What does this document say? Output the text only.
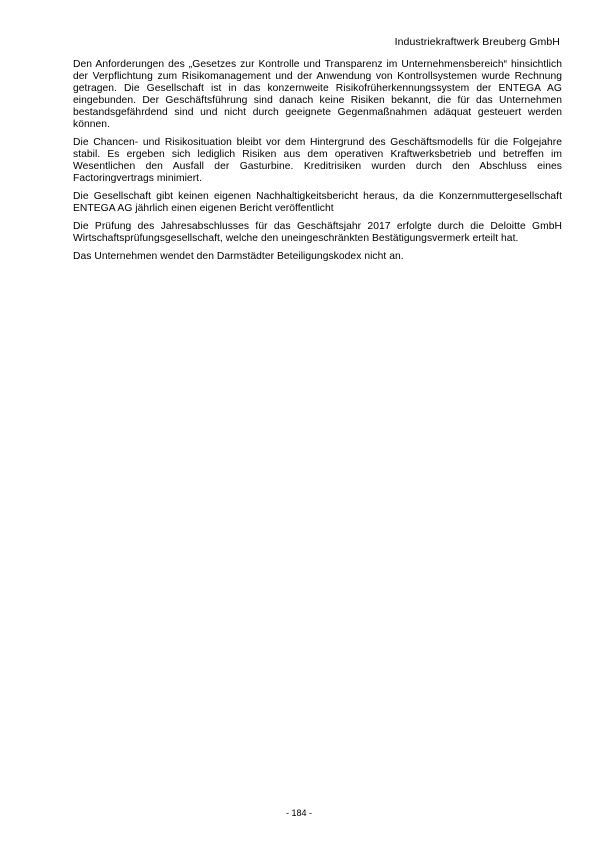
Industriekraftwerk Breuberg GmbH

Den Anforderungen des „Gesetzes zur Kontrolle und Transparenz im Unternehmensbereich“ hinsichtlich der Verpflichtung zum Risikomanagement und der Anwendung von Kontrollsystemen wurde Rechnung getragen. Die Gesellschaft ist in das konzernweite Risikofrüherkennungssystem der ENTEGA AG eingebunden. Der Geschäftsführung sind danach keine Risiken bekannt, die für das Unternehmen bestandsgefährdend sind und nicht durch geeignete Gegenmaßnahmen adäquat gesteuert werden können.

Die Chancen- und Risikosituation bleibt vor dem Hintergrund des Geschäftsmodells für die Folgejahre stabil. Es ergeben sich lediglich Risiken aus dem operativen Kraftwerksbetrieb und betreffen im Wesentlichen den Ausfall der Gasturbine. Kreditrisiken wurden durch den Abschluss eines Factoringvertrags minimiert.

Die Gesellschaft gibt keinen eigenen Nachhaltigkeitsbericht heraus, da die Konzernmuttergesellschaft ENTEGA AG jährlich einen eigenen Bericht veröffentlicht

Die Prüfung des Jahresabschlusses für das Geschäftsjahr 2017 erfolgte durch die Deloitte GmbH Wirtschaftsprüfungsgesellschaft, welche den uneingeschränkten Bestätigungsvermerk erteilt hat.

Das Unternehmen wendet den Darmstädter Beteiligungskodex nicht an.

- 184 -
